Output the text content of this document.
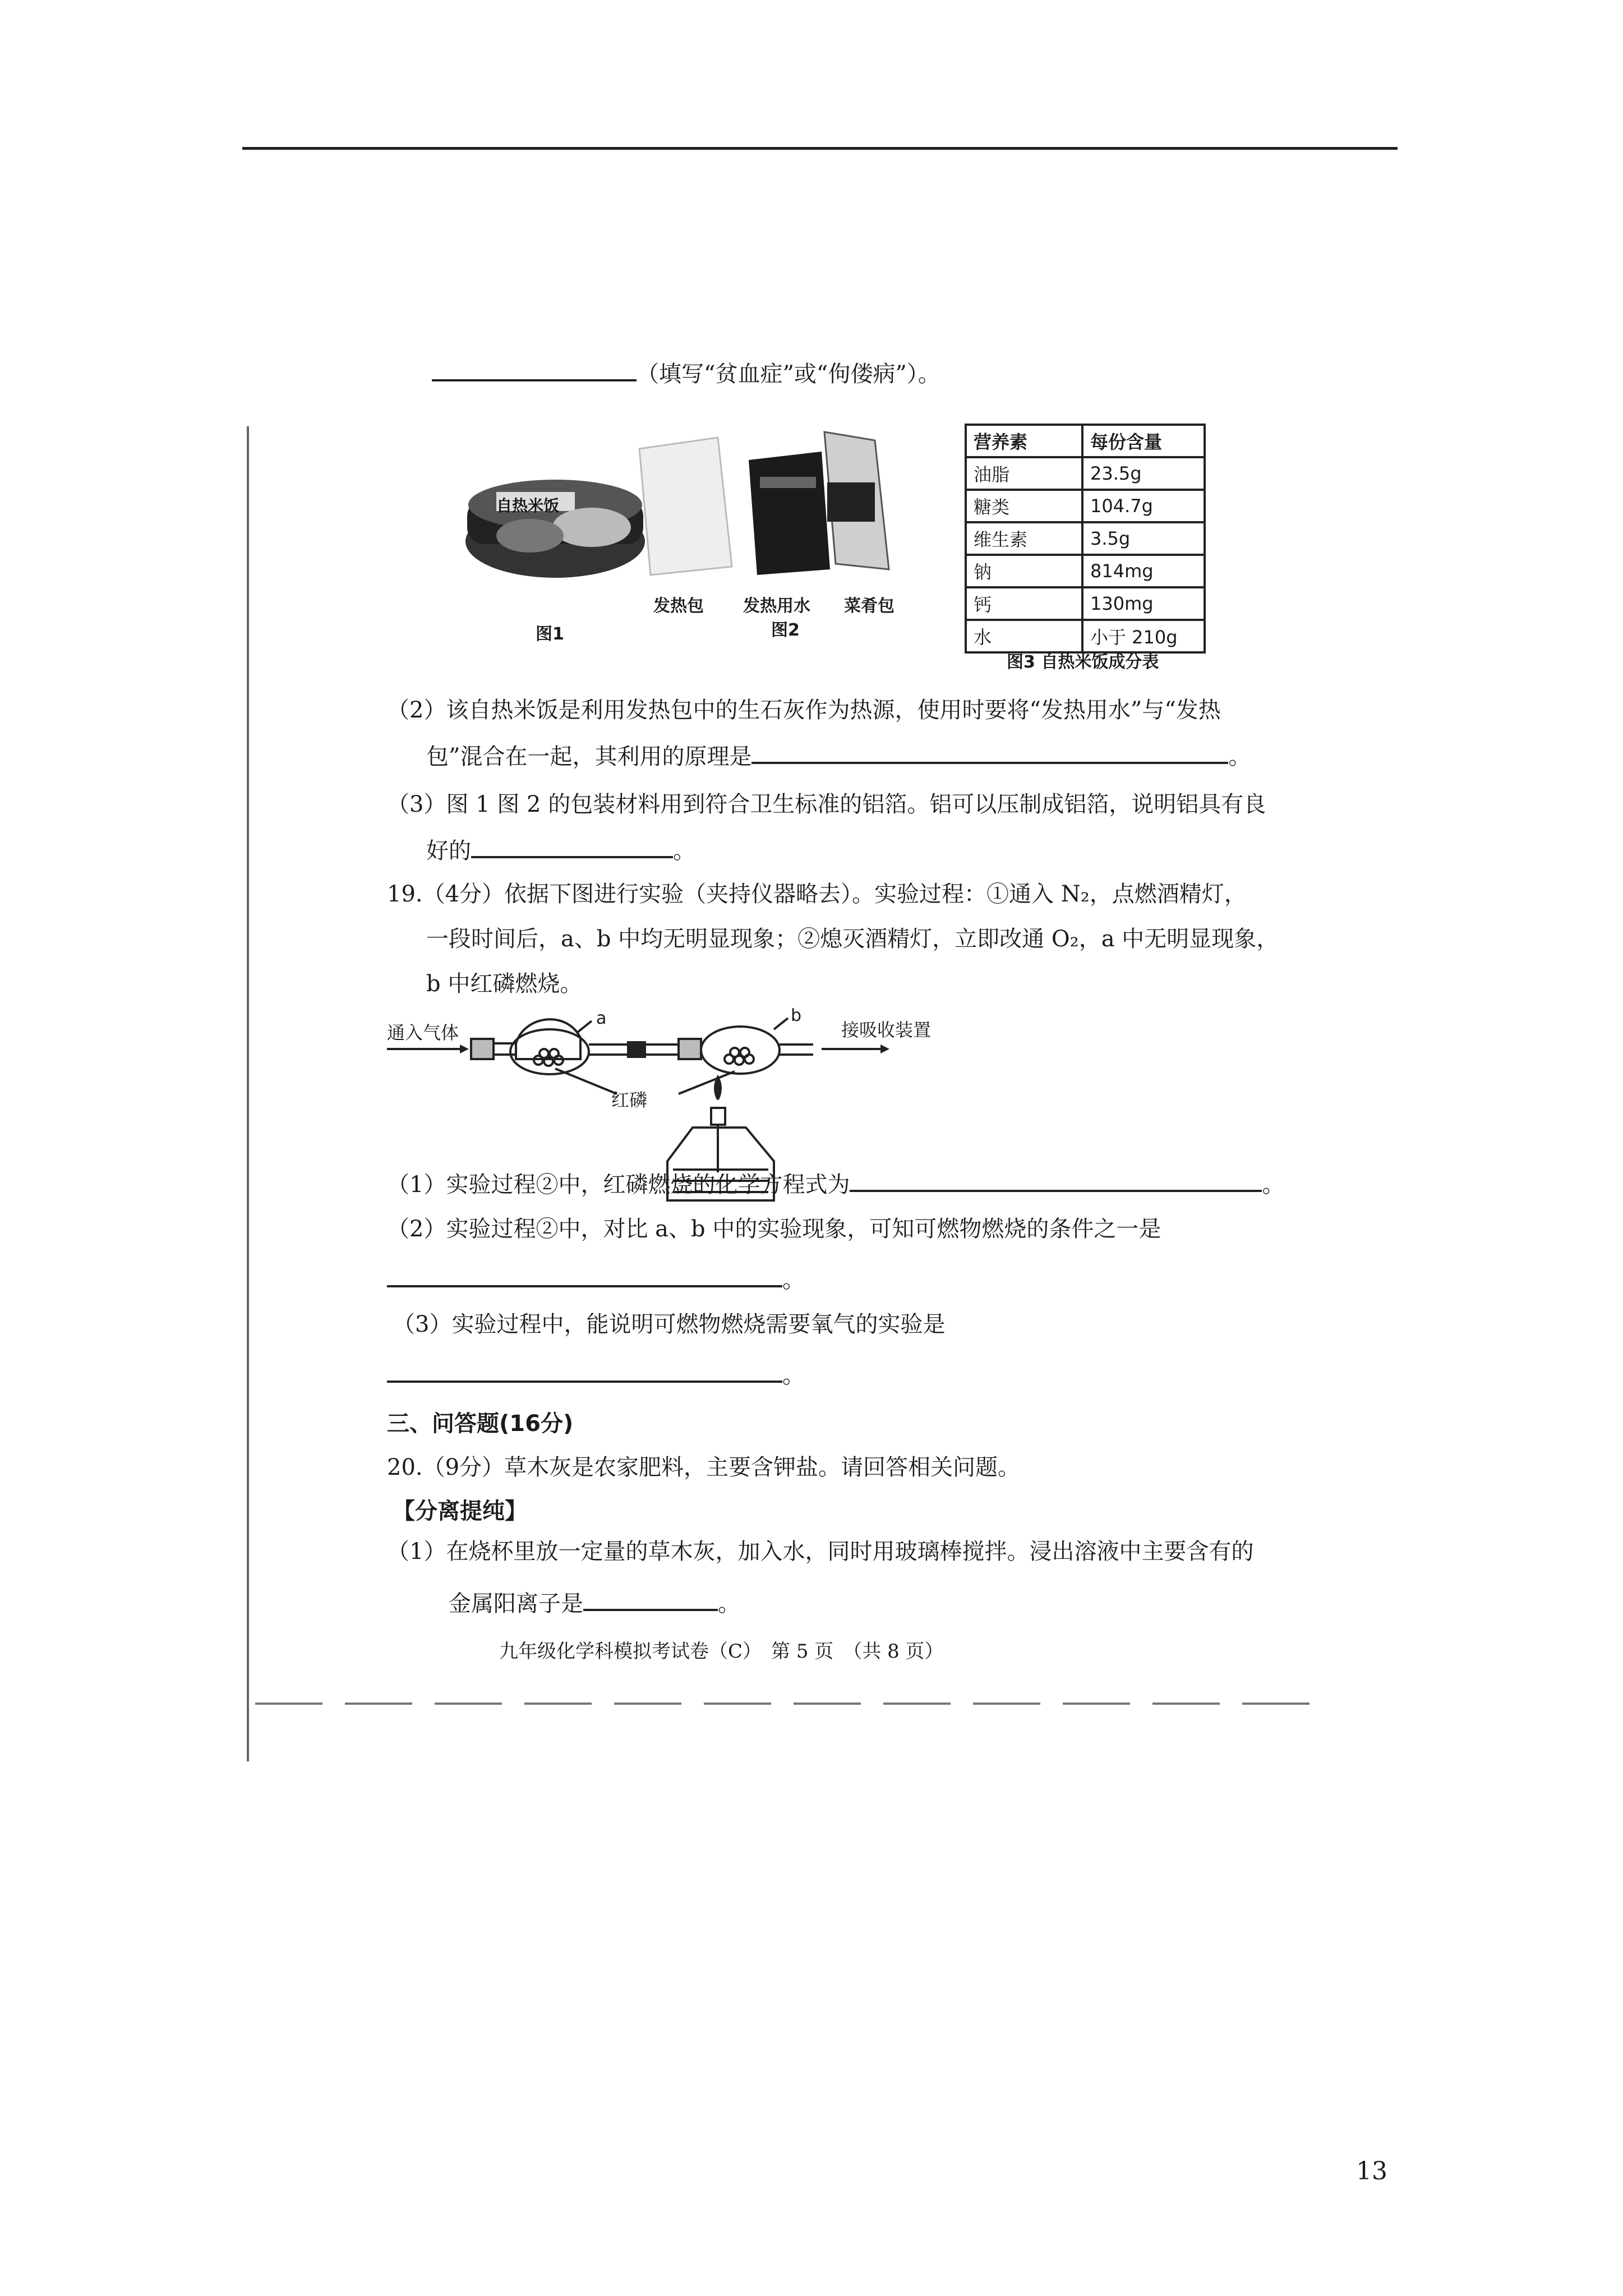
（填写“贫血症”或“佝偻病”）。
自热米饭
图1
发热包 发热用水 菜肴包
图2
营养素	每份含量
油脂	23.5g
糖类	104.7g
维生素	3.5g
钠	814mg
钙	130mg
水	小于 210g
图3 自热米饭成分表
（2）该自热米饭是利用发热包中的生石灰作为热源，使用时要将“发热用水”与“发热
包”混合在一起，其利用的原理是	。
（3）图 1 图 2 的包装材料用到符合卫生标准的铝箔。铝可以压制成铝箔，说明铝具有良
好的	。
19.（4分）依据下图进行实验（夹持仪器略去）。实验过程：①通入 N₂，点燃酒精灯，
一段时间后，a、b 中均无明显现象；②熄灭酒精灯，立即改通 O₂，a 中无明显现象，
b 中红磷燃烧。
通入气体
a	b
接吸收装置
红磷
（1）实验过程②中，红磷燃烧的化学方程式为	。
（2）实验过程②中，对比 a、b 中的实验现象，可知可燃物燃烧的条件之一是
。
（3）实验过程中，能说明可燃物燃烧需要氧气的实验是
。
三、问答题(16分)
20.（9分）草木灰是农家肥料，主要含钾盐。请回答相关问题。
【分离提纯】
（1）在烧杯里放一定量的草木灰，加入水，同时用玻璃棒搅拌。浸出溶液中主要含有的
金属阳离子是	。
九年级化学科模拟考试卷（C）　第 5 页　（共 8 页）
13
